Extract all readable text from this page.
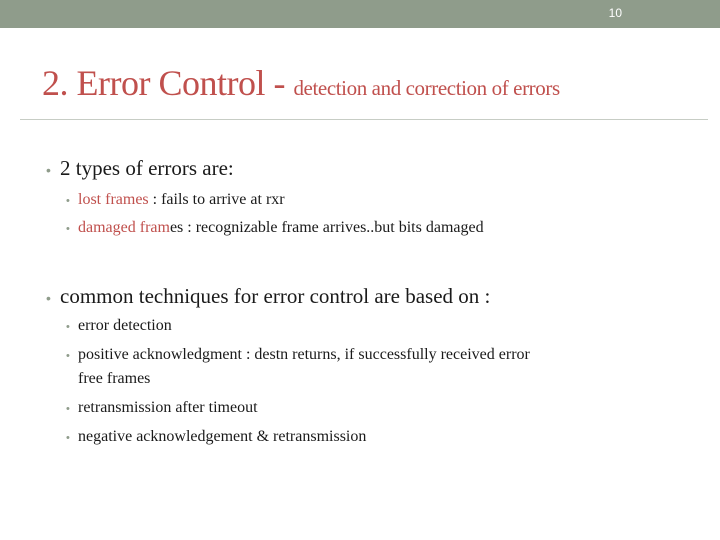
10
2. Error Control - detection and correction of errors
• 2 types of errors are:
• lost frames : fails to arrive at rxr
• damaged frames : recognizable frame arrives..but bits damaged
• common techniques for error control are based on :
• error detection
• positive acknowledgment : destn returns, if successfully received error
free frames
• retransmission after timeout
• negative acknowledgement & retransmission
